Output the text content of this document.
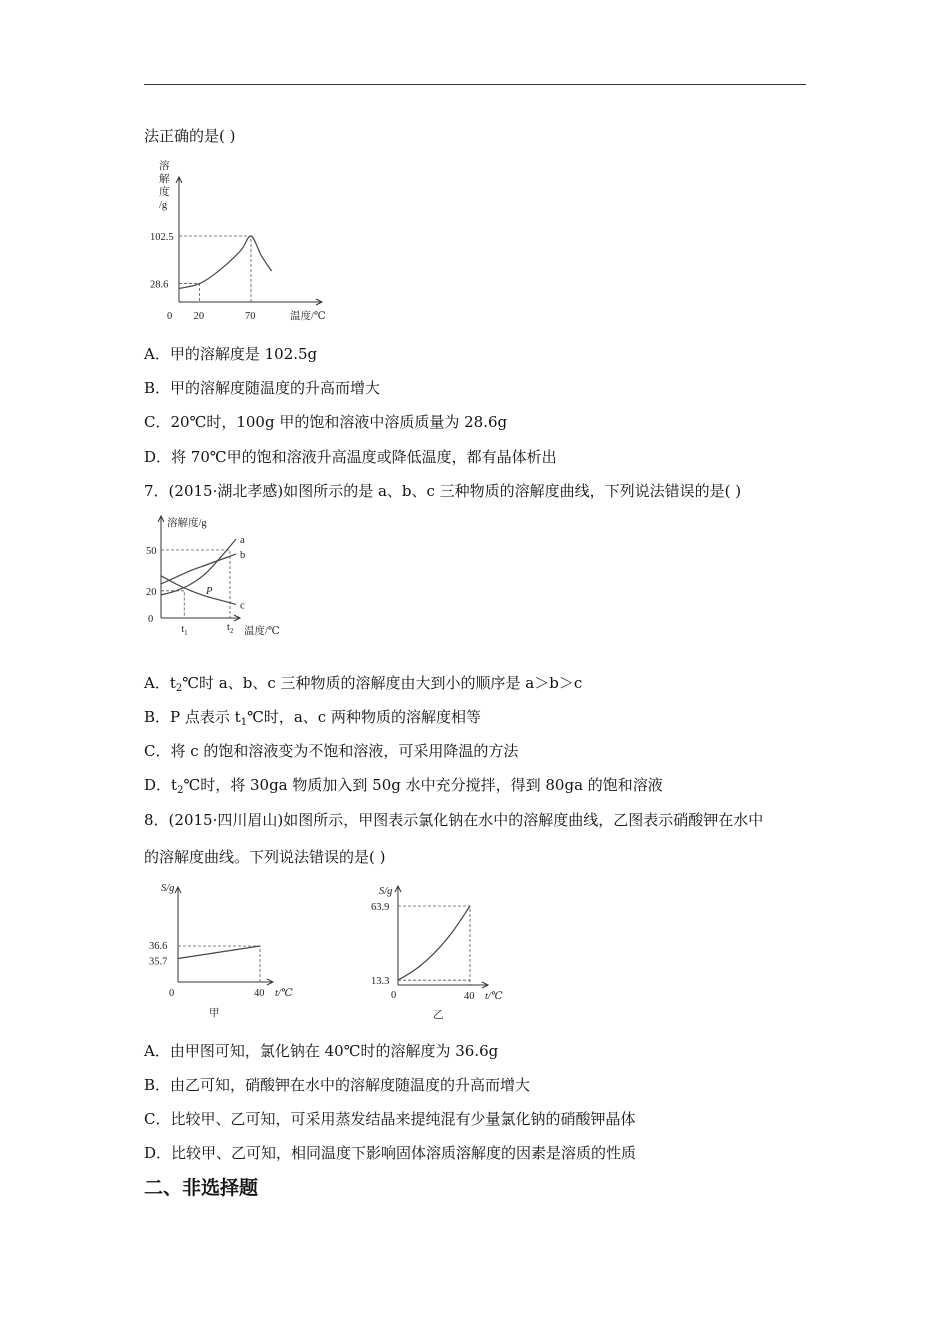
法正确的是( )
溶
解
度
/g
0
102.5
28.6
20	70	温度/℃
A．甲的溶解度是 102.5g
B．甲的溶解度随温度的升高而增大
C．20℃时，100g 甲的饱和溶液中溶质质量为 28.6g
D．将 70℃甲的饱和溶液升高温度或降低温度，都有晶体析出
7．(2015·湖北孝感)如图所示的是 a、b、c 三种物质的溶解度曲线，下列说法错误的是( )
溶解度/g
0
50
20
$t_1$	$t_2$ 温度/℃
a
b
c
P
A．$t_2℃$时 a、b、c 三种物质的溶解度由大到小的顺序是 a＞b＞c
B．P 点表示 $t_1℃$时，a、c 两种物质的溶解度相等
C．将 c 的饱和溶液变为不饱和溶液，可采用降温的方法
D．$t_2℃$时，将 30ga 物质加入到 50g 水中充分搅拌，得到 80ga 的饱和溶液
8．(2015·四川眉山)如图所示，甲图表示氯化钠在水中的溶解度曲线，乙图表示硝酸钾在水中
的溶解度曲线。下列说法错误的是( )
S/g
0
36.6
35.7
40 t/℃
甲
S/g
0
63.9
13.3
40 t/℃
乙
A．由甲图可知，氯化钠在 40℃时的溶解度为 36.6g
B．由乙可知，硝酸钾在水中的溶解度随温度的升高而增大
C．比较甲、乙可知，可采用蒸发结晶来提纯混有少量氯化钠的硝酸钾晶体
D．比较甲、乙可知，相同温度下影响固体溶质溶解度的因素是溶质的性质
二、非选择题
